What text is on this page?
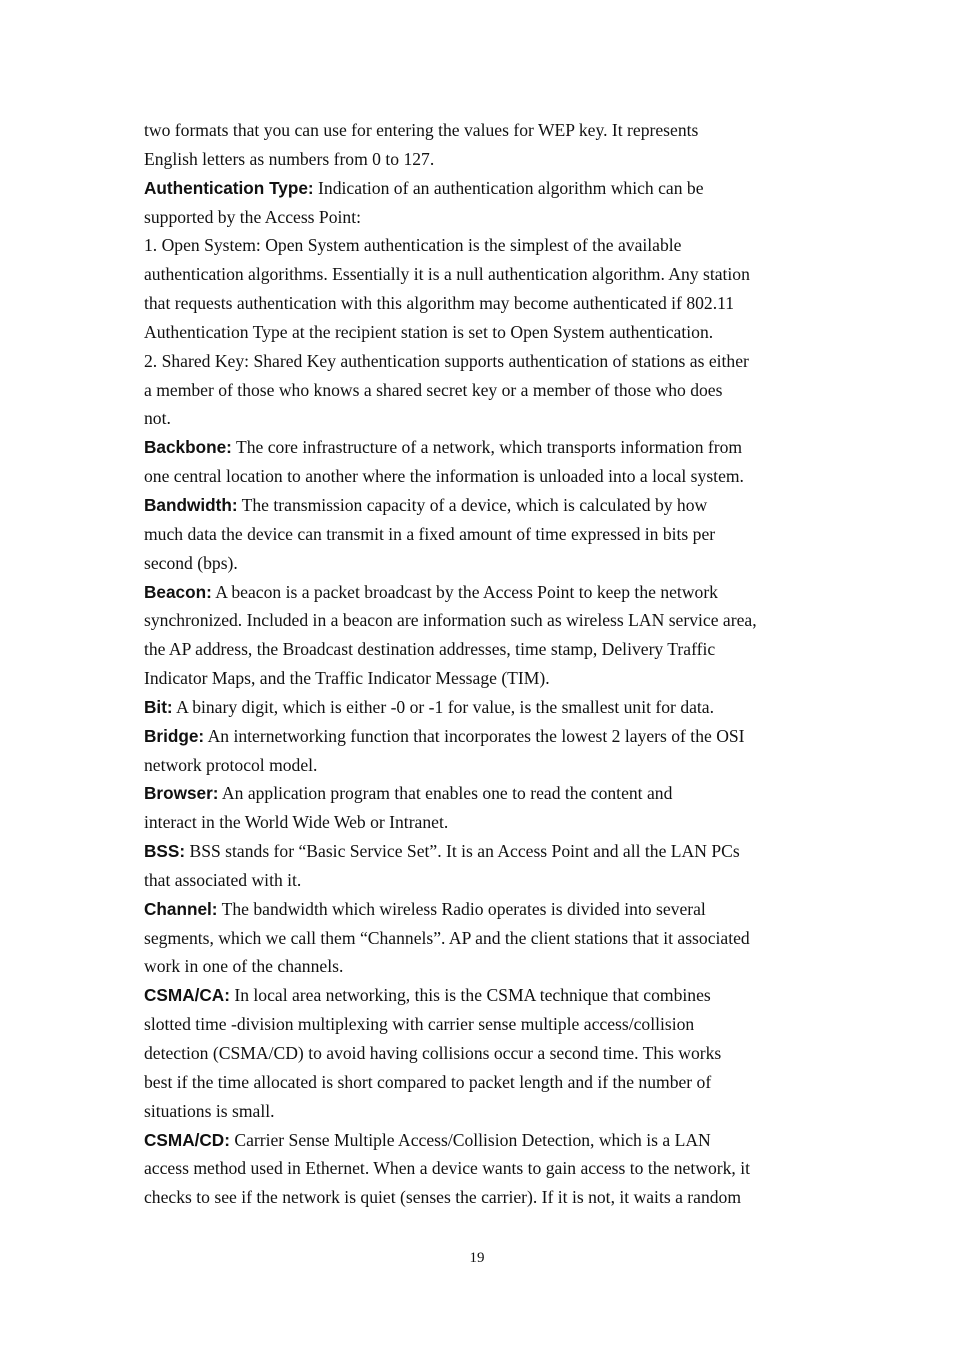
two formats that you can use for entering the values for WEP key. It represents
English letters as numbers from 0 to 127.
Authentication Type: Indication of an authentication algorithm which can be
supported by the Access Point:
1. Open System: Open System authentication is the simplest of the available
authentication algorithms. Essentially it is a null authentication algorithm. Any station
that requests authentication with this algorithm may become authenticated if 802.11
Authentication Type at the recipient station is set to Open System authentication.
2. Shared Key: Shared Key authentication supports authentication of stations as either
a member of those who knows a shared secret key or a member of those who does
not.
Backbone: The core infrastructure of a network, which transports information from
one central location to another where the information is unloaded into a local system.
Bandwidth: The transmission capacity of a device, which is calculated by how
much data the device can transmit in a fixed amount of time expressed in bits per
second (bps).
Beacon: A beacon is a packet broadcast by the Access Point to keep the network
synchronized. Included in a beacon are information such as wireless LAN service area,
the AP address, the Broadcast destination addresses, time stamp, Delivery Traffic
Indicator Maps, and the Traffic Indicator Message (TIM).
Bit: A binary digit, which is either -0 or -1 for value, is the smallest unit for data.
Bridge: An internetworking function that incorporates the lowest 2 layers of the OSI
network protocol model.
Browser: An application program that enables one to read the content and
interact in the World Wide Web or Intranet.
BSS: BSS stands for “Basic Service Set”. It is an Access Point and all the LAN PCs
that associated with it.
Channel: The bandwidth which wireless Radio operates is divided into several
segments, which we call them “Channels”. AP and the client stations that it associated
work in one of the channels.
CSMA/CA: In local area networking, this is the CSMA technique that combines
slotted time -division multiplexing with carrier sense multiple access/collision
detection (CSMA/CD) to avoid having collisions occur a second time. This works
best if the time allocated is short compared to packet length and if the number of
situations is small.
CSMA/CD: Carrier Sense Multiple Access/Collision Detection, which is a LAN
access method used in Ethernet. When a device wants to gain access to the network, it
checks to see if the network is quiet (senses the carrier). If it is not, it waits a random
19
